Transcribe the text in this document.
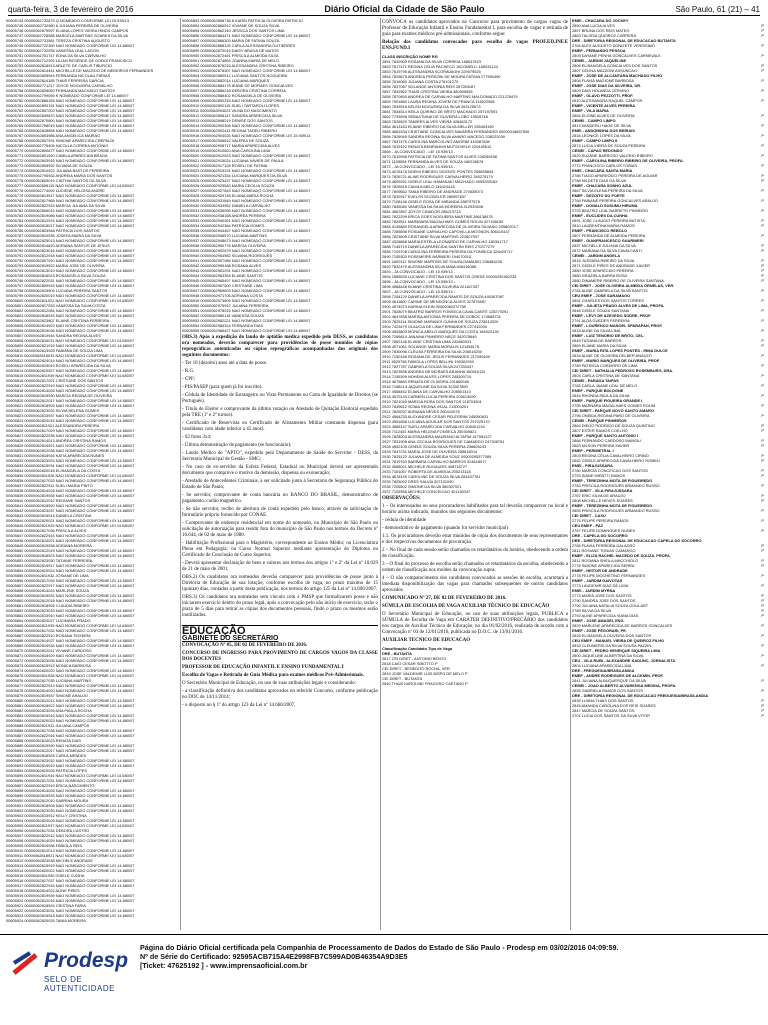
quarta-feira, 3 de fevereiro de 2016	Diário Oficial da Cidade de São Paulo	São Paulo, 61 (21) – 41
00605744 00000062732879 Q NOMEADO CONFORME LEI 15.939/13
00605745 00000062732980 6 JULIANA PEREIRA DE OLIVEIRA
00605746 00000062679597 ELIANA LOPES VIEIRA HINDS CAMPOS
00605747 00000062728988 MARCELA MARTINS SOARES DA SILVA
00605748 00000062731581 TEREZA CRISTINA AUGUSTO
00605749 00000062722350 NAO NOMEADO CONFORME LEI 14.680/07
00605750 00000062732935 VANESSA LEAL LAGON
00605751 00000062751747 EDNA DA SILVA CARVALHO
00605752 00000062712392 LILIAN RESENDE DE GODOI FRANCISCO
00605753 00000062818913 ARLETE DE CARLIS TIBURCIO
00605754 00000062814441 MICHELLE DE MACEDO DE MEDEIROS FERNANDES
00605755 00000062805944 FERNANDA NICOLAU FARIAS
00605756 00000062814185 THAIS FERREIRA GARCIA
00605757 00000062771217 JOYCE NOGUEIRA CARVALHO
00605758 00000062828052 FERNANDA MACHADO SANTOS
00605759 00000062799055 K NOMEADO CONFORME LEI 14.680/07
00605760 00000062886165 NAO NOMEADO CONFORME LEI 14.680/07
00605761 00000062890151 NAO NOMEADO CONFORME LEI 14.680/07
00605762 00000062857002 NAO NOMEADO CONFORME LEI 14.680/07
00605763 00000062849870 NAO NOMEADO CONFORME LEI 14.680/07
00605764 00000062870800 NAO NOMEADO CONFORME LEI 14.680/07
00605765 00000062798015 NAO NOMEADO CONFORME LEI 14.680/07
00605766 00000062818858 NAO NOMEADO CONFORME LEI 14.680/07
00605767 00000062803986 ANA ANGELICA MAIRAO
00605768 00000062807931 SIMONE APARECIDA CREPALDI
00605769 00000062775405 NICOLLA CORREA ANTONIO
00605770 00000062800877 NAO NOMEADO CONFORME LEI 14.680/07
00605771 00000062801920 CAMILA APARECIDA BRAGA
00605772 00000062803916 NAO NOMEADO CONFORME LEI 14.680/07
00605773 00000062805932 SILVANA DE SOUZA
00605774 00000062810922 JULIANA BASTOS FERREIRA
00605775 00000062795932 ANDREIA MARIA DOS SANTOS
00605776 00000062809019 CINTHIA SANTOS DA SILVA
00605777 00000062808115 NAO NOMEADO CONFORME LEI 14.680/07
00605778 00000062774092 LUCIENE HELOISA ANDRE
00605779 00000062813917 NAO NOMEADO CONFORME LEI 14.680/07
00605780 00000062817965 NAO NOMEADO CONFORME LEI 14.680/07
00605781 00000062822915 MARCIA JULIANA DA SILVA
00605782 00000062806014 NAO NOMEADO CONFORME LEI 14.680/07
00605783 00000062819086 NAO NOMEADO CONFORME LEI 14.680/07
00605784 00000062812915 NAO NOMEADO CONFORME LEI 14.680/07
00605785 00000062818017 NAO NOMEADO CONFORME LEI 14.680/07
00605786 00000062803948 PATRICIA DOS SANTOS
00605787 00000062810935 JOSEFA MARIA DA SILVA
00605788 00000062825013 NAO NOMEADO CONFORME LEI 14.680/07
00605789 00000062814810 ADRIANA SANTOS DE JESUS
00605790 00000062823016 NAO NOMEADO CONFORME LEI 14.680/07
00605791 00000062812918 NAO NOMEADO CONFORME LEI 14.680/07
00605792 00000062807910 NAO NOMEADO CONFORME LEI 14.680/07
00605793 00000062819922 MARIA JOSE DE OLIVEIRA
00605794 00000062813019 NAO NOMEADO CONFORME LEI 14.680/07
00605795 00000062816023 ROSANGELA SILVA SOUZA
00605796 00000062822031 NAO NOMEADO CONFORME LEI 14.680/07
00605797 00000062809915 NAO NOMEADO CONFORME LEI 14.680/07
00605798 00000062815904 LUCIANA PEREIRA SANTOS
00605799 00000062820019 NAO NOMEADO CONFORME LEI 14.680/07
00605800 00000062811022 NAO NOMEADO CONFORME LEI 14.680/07
00605801 00000062817933 VANESSA DA SILVA COSTA
00605802 00000062812084 NAO NOMEADO CONFORME LEI 14.680/07
00605803 00000062818915 NAO NOMEADO CONFORME LEI 14.680/07
00605804 00000062823807 ELAINE CRISTINA FERREIRA
00605805 00000062814922 NAO NOMEADO CONFORME LEI 14.680/07
00605806 00000062819036 NAO NOMEADO CONFORME LEI 14.680/07
00605807 00000062810944 SANDRA REGINA ALVES
00605808 00000062816011 NAO NOMEADO CONFORME LEI 14.680/07
00605809 00000062821915 NAO NOMEADO CONFORME LEI 14.680/07
00605810 00000062813928 FABIANA DE SOUZA LIMA
00605811 00000062818033 NAO NOMEADO CONFORME LEI 14.680/07
00605812 00000062824014 NAO NOMEADO CONFORME LEI 14.680/07
00605813 00000062815019 ROSELI APARECIDA DA SILVA
00605814 00000062820927 NAO NOMEADO CONFORME LEI 14.680/07
00605815 00000062811939 NAO NOMEADO CONFORME LEI 14.680/07
00605816 00000062817021 CRISTIANE DOS SANTOS
00605817 00000062822919 NAO NOMEADO CONFORME LEI 14.680/07
00605818 00000062814026 NAO NOMEADO CONFORME LEI 14.680/07
00605819 00000062819930 MARCIA REGINA DE OLIVEIRA
00605820 00000062812017 NAO NOMEADO CONFORME LEI 14.680/07
00605821 00000062818925 NAO NOMEADO CONFORME LEI 14.680/07
00605822 00000062823032 SILVIA HELENA GOMES
00605823 00000062815937 NAO NOMEADO CONFORME LEI 14.680/07
00605824 00000062820015 NAO NOMEADO CONFORME LEI 14.680/07
00605825 00000062811921 ALESSANDRA PEREIRA
00605826 00000062817029 NAO NOMEADO CONFORME LEI 14.680/07
00605827 00000062822936 NAO NOMEADO CONFORME LEI 14.680/07
00605828 00000062814013 ANDREA CRISTINA RAMOS
00605829 00000062819921 NAO NOMEADO CONFORME LEI 14.680/07
00605830 00000062812038 NAO NOMEADO CONFORME LEI 14.680/07
00605831 00000062818916 KATIA APARECIDA NUNES
00605832 00000062823024 NAO NOMEADO CONFORME LEI 14.680/07
00605833 00000062815931 NAO NOMEADO CONFORME LEI 14.680/07
00605834 00000062820018 ELISANGELA DA COSTA
00605835 00000062811926 NAO NOMEADO CONFORME LEI 14.680/07
00605836 00000062817033 NAO NOMEADO CONFORME LEI 14.680/07
00605837 00000062822911 SUELI MARIA PINTO
00605838 00000062814028 NAO NOMEADO CONFORME LEI 14.680/07
00605839 00000062819935 NAO NOMEADO CONFORME LEI 14.680/07
00605840 00000062812012 REGIANE SANTOS
00605841 00000062818920 NAO NOMEADO CONFORME LEI 14.680/07
00605842 00000062823037 NAO NOMEADO CONFORME LEI 14.680/07
00605843 00000062815914 DANIELA CRISTINA
00605844 00000062820021 NAO NOMEADO CONFORME LEI 14.680/07
00605845 00000062811929 NAO NOMEADO CONFORME LEI 14.680/07
00605846 00000062817036 PRISCILA ALVES
00605847 00000062822914 NAO NOMEADO CONFORME LEI 14.680/07
00605848 00000062814021 NAO NOMEADO CONFORME LEI 14.680/07
00605849 00000062819938 ADRIANA MOREIRA
00605850 00000062812015 NAO NOMEADO CONFORME LEI 14.680/07
00605851 00000062818923 NAO NOMEADO CONFORME LEI 14.680/07
00605852 00000062823030 TATIANE FERREIRA
00605853 00000062815917 NAO NOMEADO CONFORME LEI 14.680/07
00605854 00000062820024 NAO NOMEADO CONFORME LEI 14.680/07
00605855 00000062811932 JOSIANE DE LIMA
00605856 00000062817039 NAO NOMEADO CONFORME LEI 14.680/07
00605857 00000062822917 NAO NOMEADO CONFORME LEI 14.680/07
00605858 00000062814024 MARLENE SOUZA
00605859 00000062819931 NAO NOMEADO CONFORME LEI 14.680/07
00605860 00000062812018 NAO NOMEADO CONFORME LEI 14.680/07
00605861 00000062818926 CLAUDIA RIBEIRO
00605862 00000062823033 NAO NOMEADO CONFORME LEI 14.680/07
00605863 00000062815910 NAO NOMEADO CONFORME LEI 14.680/07
00605864 00000062820027 LUCIMARA PRADO
00605865 00000062811935 NAO NOMEADO CONFORME LEI 14.680/07
00605866 00000062817032 NAO NOMEADO CONFORME LEI 14.680/07
00605867 00000062822910 ROSANA TEIXEIRA
00605868 00000062814027 NAO NOMEADO CONFORME LEI 14.680/07
00605869 00000062819934 NAO NOMEADO CONFORME LEI 14.680/07
00605870 00000062812011 VIVIANE CARDOSO
00605871 00000062818929 NAO NOMEADO CONFORME LEI 14.680/07
00605872 00000062823036 NAO NOMEADO CONFORME LEI 14.680/07
00605873 00000062815913 MONICA BARBOSA
00605874 00000062820020 NAO NOMEADO CONFORME LEI 14.680/07
00605875 00000062811928 NAO NOMEADO CONFORME LEI 14.680/07
00605876 00000062817035 LUCIANA MARTINS
00605877 00000062822913 NAO NOMEADO CONFORME LEI 14.680/07
00605878 00000062814020 NAO NOMEADO CONFORME LEI 14.680/07
00605879 00000062819937 SIMONE ARAUJO
00605880 00000062812014 NAO NOMEADO CONFORME LEI 14.680/07
00605881 00000062818922 NAO NOMEADO CONFORME LEI 14.680/07
00605882 00000062823039 ANA PAULA ROCHA
00605883 00000062815916 NAO NOMEADO CONFORME LEI 14.680/07
00605884 00000062820023 NAO NOMEADO CONFORME LEI 14.680/07
00605885 00000062811931 JULIANA CAMPOS
00605886 00000062817038 NAO NOMEADO CONFORME LEI 14.680/07
00605887 00000062822916 NAO NOMEADO CONFORME LEI 14.680/07
00605888 00000062814023 RENATA DIAS
00605889 00000062819930 NAO NOMEADO CONFORME LEI 14.680/07
00605890 00000062812017 NAO NOMEADO CONFORME LEI 14.680/07
00605891 00000062818925 CARLA MENDES
00605892 00000062823032 NAO NOMEADO CONFORME LEI 14.680/07
00605893 00000062815919 NAO NOMEADO CONFORME LEI 14.680/07
00605894 00000062820026 PATRICIA LOPES
00605895 00000062811934 NAO NOMEADO CONFORME LEI 14.680/07
00605896 00000062817031 NAO NOMEADO CONFORME LEI 14.680/07
00605897 00000062822919 ERICA NASCIMENTO
00605898 00000062814026 NAO NOMEADO CONFORME LEI 14.680/07
00605899 00000062819933 NAO NOMEADO CONFORME LEI 14.680/07
00605900 00000062812010 SABRINA MOURA
00605901 00000062818928 NAO NOMEADO CONFORME LEI 14.680/07
00605902 00000062823035 NAO NOMEADO CONFORME LEI 14.680/07
00605903 00000062815912 KELLY CRISTINA
00605904 00000062820029 NAO NOMEADO CONFORME LEI 14.680/07
00605905 00000062811937 NAO NOMEADO CONFORME LEI 14.680/07
00605906 00000062817034 DEBORA CASTRO
00605907 00000062822912 NAO NOMEADO CONFORME LEI 14.680/07
00605908 00000062814029 NAO NOMEADO CONFORME LEI 14.680/07
00605909 00000062819936 FABIOLA REIS
00605910 00000062812013 NAO NOMEADO CONFORME LEI 14.680/07
00605911 00000062818921 NAO NOMEADO CONFORME LEI 14.680/07
00605912 00000062823038 MICHELE ANDRADE
00605913 00000062815915 NAO NOMEADO CONFORME LEI 14.680/07
00605914 00000062820022 NAO NOMEADO CONFORME LEI 14.680/07
00605915 00000062811930 GISELE CUNHA
00605916 00000062817037 NAO NOMEADO CONFORME LEI 14.680/07
00605917 00000062822915 NAO NOMEADO CONFORME LEI 14.680/07
00605918 00000062814022 ALINE PIRES
00605919 00000062819939 NAO NOMEADO CONFORME LEI 14.680/07
00605920 00000062812016 NAO NOMEADO CONFORME LEI 14.680/07
00605921 00000062818924 CRISTINA FARIA
00605922 00000062823031 NAO NOMEADO CONFORME LEI 14.680/07
00605923 00000062815918 NAO NOMEADO CONFORME LEI 14.680/07
00605924 00000062820025 TANIA MOREIRA
00605893 00000062858736 8 KARIN PATRICIA OLIVEIRA PATRICIO
00605894 00000062860512 VIVIANE DE SOUZA SILVA
00605895 00000062862140 JESSICA DOS SANTOS LIMA
00605896 00000062864471 NAO NOMEADO CONFORME LEI 14.680/07
00605897 00000062866303 MARIA DE FATIMA SOUZA
00605898 00000062868125 CARLA ALESSANDRA GUTIERRES
00605899 00000062870019 DAISY BRAGA DE MATOS
00605900 00000062872451 PRISCILA ALMEIDA SILVA
00605901 00000062874893 JOANNA MARIA DE MELO
00605902 00000062876215 ALESSANDRA CRISTINA RIBEIRO
00605903 00000062878307 NAO NOMEADO CONFORME LEI 14.680/07
00605904 00000062880512 LUCIANA SANTOS NOGUEIRA
00605905 00000062882014 LUCIANA MARQUES
00605906 00000062884176 IEANE DE MORAES GONCALVES
00605907 00000062886218 DEBORA CRISTINA CORREIA
00605908 00000062888402 ROSANGELA DE OLIVEIRA
00605909 00000062890315 NAO NOMEADO CONFORME LEI 14.680/07
00605910 00000062892115 SUELI TARTAROLI LOPES
00605911 00000062894023 VILMA DO NASCIMENTO
00605912 00000062896147 SANDRA APARECIDA SILVA
00605913 00000062898219 DENISE DOS SANTOS
00605914 00000062900308 NAO NOMEADO CONFORME LEI 14.680/07
00605915 00000062902411 REGINA TADEU RIBEIRO
00605916 00000062904525 NAO NOMEADO CONFORME LEI 15.939/13
00605917 00000062906612 VALERIA DE SOUZA
00605918 00000062908717 MARIA APARECIDA ALVES
00605919 00000062910820 ANA CAROLINA LIMA
00605920 00000062912923 NAO NOMEADO CONFORME LEI 14.680/07
00605921 00000062915024 LUCIANA XAVIER DE PAULA
00605922 00000062917128 ROSELI DE FATIMA
00605923 00000062919231 NAO NOMEADO CONFORME LEI 14.680/07
00605924 00000062921334 LUCIANA MARQUES DA SILVA
00605925 00000062923437 NAO NOMEADO CONFORME LEI 14.680/07
00605926 00000062925540 MARIA CECILIA SOUZA
00605927 00000062927643 NAO NOMEADO CONFORME LEI 14.680/07
00605928 00000062929746 ELIANA MARIA ROCHA
00605929 00000062931849 NAO NOMEADO CONFORME LEI 14.680/07
00605930 00000062933952 DANIELA CARVALHO
00605931 00000062936055 NAO NOMEADO CONFORME LEI 14.680/07
00605932 00000062938158 ANDREA PEREIRA
00605933 00000062940261 NAO NOMEADO CONFORME LEI 14.680/07
00605934 00000062942364 PATRICIA GOMES
00605935 00000062944467 NAO NOMEADO CONFORME LEI 14.680/07
00605936 00000062946570 LUCIANA MARTINS
00605937 00000062948673 NAO NOMEADO CONFORME LEI 14.680/07
00605938 00000062950776 MARCIA OLIVEIRA
00605939 00000062952879 NAO NOMEADO CONFORME LEI 14.680/07
00605940 00000062954982 SILVANA RODRIGUES
00605941 00000062957085 NAO NOMEADO CONFORME LEI 14.680/07
00605942 00000062959188 ROSANA ALVES
00605943 00000062961291 NAO NOMEADO CONFORME LEI 14.680/07
00605944 00000062963394 ELAINE SANTOS
00605945 00000062965497 NAO NOMEADO CONFORME LEI 14.680/07
00605946 00000062967500 CRISTIANE LIMA
00605947 00000062969603 NAO NOMEADO CONFORME LEI 14.680/07
00605948 00000062971706 ADRIANA COSTA
00605949 00000062973809 NAO NOMEADO CONFORME LEI 14.680/07
00605950 00000062975912 JULIANA FERREIRA
00605951 00000062978015 NAO NOMEADO CONFORME LEI 14.680/07
00605952 00000062980118 VANESSA SOUZA
00605953 00000062982221 NAO NOMEADO CONFORME LEI 14.680/07
00605954 00000062984324 FERNANDA DIAS
00605955 00000062986427 NAO NOMEADO CONFORME LEI 14.680/07
OBS.3) Após a expedição do laudo de aptidão médica expedido pelo DESS, os candidatos ora nomeados, deverão comparecer para providências de posse munidos de cópias reprográficas autenticadas ou cópias reprográficas acompanhadas dos originais dos seguintes documentos:
- Ter 18 (dezoito) anos até a data de posse.
- R.G.
- CPF;
- PIS/PASEP (para quem já foi inscrito).
- Cédula de Identidade de Estrangeiro ou Visto Permanente ou Carta de Igualdade de Direitos (se Português).
- Título de Eleitor e comprovante da última votação ou Atestado de Quitação Eleitoral expedido pela TRE (1º e 2º turnos).
- Certificado de Reservista ou Certificado de Alistamento Militar constando dispensa (para candidatos com idade inferior a 45 anos).
- 02 fotos 3x4;
- Última demonstração de pagamento (se funcionário);
- Laudo Médico de "APTO", expedido pelo Departamento de Saúde do Servidor - DESS, da Secretaria Municipal de Gestão - SMG;
- No caso de ex-servidor da Esfera Federal, Estadual ou Municipal deverá ser apresentado documento que comprove o motivo da demissão, dispensa ou exoneração;
- Atestado de Antecedentes Criminais, a ser solicitado junto à Secretaria de Segurança Pública do Estado de São Paulo;
- Se servidor, comprovante de conta bancária no BANCO DO BRASIL, demonstrativo de pagamento, cartão magnético.
- Se não servidor, recibo de abertura de conta expedido pelo banco, através de solicitação de formulário próprio fornecido por CONAE.
- Comprovante de endereço residencial em nome do nomeado, ou Município de São Paulo ou solicitação de autorização para residir fora do município de São Paulo nos termos do Decreto nº 16.644, de 02 de maio de 1980.
- Habilitação Profissional para o Magistério, correspondente ao Ensino Médio; ou Licenciatura Plena em Pedagogia; ou Curso Normal Superior mediante apresentação do Diploma ou Certificado de Conclusão de Curso Superior.
- Deverá apresentar declaração de bens e valores nos termos dos artigos 1º e 2º da Lei nº 10.029 de 21 de maio de 2001.
OBS.2) Os candidatos ora nomeados deverão comparecer para providências de posse junto à Diretoria de Educação de sua lotação, conforme escolha de vaga, no prazo máximo de 15 (quinze) dias, contados a partir desta publicação, nos termos do artigo 125 da Lei nº 14.660/2007.
OBS.3) Os candidatos ora nomeados sem vínculo com a PMSP que formalizarem posse e não iniciarem exercício dentro do prazo legal, após a convocação pelo não início de exercício, terão o prazo de 5 dias para retirar as cópias dos documentos pessoais, findo o prazo os mesmos serão inutilizados.
EDUCAÇÃO
GABINETE DO SECRETÁRIO
CONVOCAÇÃO Nº 05, DE 02 DE FEVEREIRO DE 2016.
CONCURSO DE INGRESSO PARA PROVIMENTO DE CARGOS VAGOS DA CLASSE DOS DOCENTES
PROFESSOR DE EDUCAÇÃO INFANTIL E ENSINO FUNDAMENTAL I
Escolha de Vagas e Retirada de Guia Médica para exames médicos Pré-Admissionais.
O Secretário Municipal de Educação, no uso de suas atribuições legais e considerando:
- a classificação definitiva dos candidatos aprovados no referido Concurso, conforme publicação no DOC de 14/11/2014;
- o disposto no § 1º do artigo 123 da Lei nº 14.660/2007,
CONVOCA os candidatos aprovados no Concurso para provimento de cargos vagos de Professor de Educação Infantil e Ensino Fundamental I, para escolha de vagas e retirada de guia para exames médicos pré-admissionais, conforme segue:
Relação dos candidatos convocados para escolha de vagas PROF.ED.INF.E ENS.FUND.I
CLASS INSCRIÇÃO NOME RG
2851 7832905 ROSANA DA SILVA CORREIA 188637823
2852 7817471 REGINA CELIA PACHECO JACOMELLI 168031124
2853 7819795 ALESSANDRA SCORAVAGHI 229079525
2854 7825675 ANDREIA PERSONI DE MOURA FATIMA 277590490
2855 7816060 JULIANA COSTA 276101270
2856 7837087 SOLANGE ANTONIA REIS 287263187
2857 7832962 THAIS CRISTINA VIEIRA 480905955
2858 7870893 ANDREA DE CARVALHO MARTINS MALDONADO 221278479
2859 7901860 LAURA REGINA JOVEM DE FRANCA 118922556
2860 7839916 KELEN NOGUEIRA DA SILVA 263125673
2861 7834514 KEILA QUIRINO DE BRITO MACHADO 257197591
2862 7793598 SEBASTIANA DE OLIVEIRA LOBO 19505748
2863 7826529 TAMIRES ALVES VIEIRA 428463172
2864 4613183 ELIANE RIBEIRO DA SILVA MELLER 255403150
2865 4661534 CRISTIANE GONCALVES NAVARRA FERNANDES 00000318657506
2866 7826949 SANDRA REGINA SILVA AMARO MACEDO 338222039
2867 7837479 CAROLINA MARCOLINO AMORIM 415087838
2868 7819192 RENATA BENRAHIMI MUTSCHELE 220445512
2869 - JA CONVOCADO - LEI 15.939/13 -
2870 7819998 PATRICIA DE FATIMA SANTOS ALVES 228280498
2871 1105554 FERNANDA ALVES DE SOUZA 180226578
2872 - JA CONVOCADO - LEI 15.939/13 -
2873 4076476 NOEMI RIBEIRO VICENTE PONTES 208695844
2874 7826721 ALINE RODRIGUES CARVALHEIRO 345275175
2875 4609251 GISELE LEAL HAMASAKI MACHADO 009533016X
2876 7826515 CAMILA MELO 116424416
2877 7809652 TANIA RIBEIRO DE ANDRADE 270535073
2878 7832917 EVELYN SCODELER 280597837
2879 7108146 GISELE ROSA DE MIRANDA 288797578
2880 7845080 VANESSA DA SILVA MOREIRA 412939408
2881 4567857 JOYCE CINADOR 285213713
2882 7822299 ERICA GOES NOGUEIRA MARTINS 366138476
2883 7825511 MARIMARA MAGALHAES GOMES ROLIM 427198159
2884 4135880 ROSANGELA APARECIDA DE OLIVEIRA SILVANO 205802017
2885 7285698 ROSIANE CARVALHO CAPOVILLA MOGNON 306410437
2886 7823605 CRISTIANE SILVA MARTINS 222607937
2887 4326868 MARIA ESTELA LEONARDO DE CARVALHO 180341717
2888 7146719 DANIELA APARECIDA SANTINI REIS 270377279
2889 7109708 CAROLINA FERREIRA PEREIRA DA FONSECA 326420717
2890 7155303 ROSEMEIRE BARBIERI 194070015
2891 1600112 SIMONE MARTINS DE SOUZA DAMASIO 208483238
2892 7832479 ALESSANDRA SILVA MAIA 406416088
2893 - JA CONVOCADO - LEI 15.939/13 -
2894 1855530 LUCIANE CRISTINA DOS SANTOS CREDE 00000292462235
2895 - JA CONVOCADO - LEI 15.939/13 -
2896 4568448 ELIANE CRISTINA SILVEIRA 221167437
2897 - JA CONVOCADO - LEI 15.939/13 -
2898 7154120 DANIELA APARECIDA RAMOS DE SOUZA 440367087
2899 4611800 CARINE DE MENDONCA ALVES 327876557
2900 4574973 KARINA KLEIN 00000060272759
2901 7828079 BEATRIZ BARROS FONSECA CAVALCANTE 125279291
2902 4647838 MARISA ANTONIA PEREIRA DE DOBOC 174688731
2903 7825114 SIMONE MARANGI CUNHA DE SOUZA 278514320
2904 7423479 GLAUCIA DE LIMA FERNANDES 227412000
2905 4593800 MONICA ABELO MARQUES DA COSTA 184024139
2906 7265814 JANAINA PINHEIRO NECE 342075649
2907 7852146 ELIANE CRISTINA LIMA 232860031
2908 4571061 SOLANGE MARIA MORALIS 121458175
2909 7830096 CLEUSA FERREIRA DA SILVA 206015200
2910 7150168 ROSANA DE JESUS FERNANDES 217090400
2911 4529758 FABIOLA LOPES BELLINI 190302930
2912 7827787 GABRIELA SOUZA SILVA 247330437
2913 7823596 ANDREA DE MORAES ARANHA 180510110
2914 7155309 NOHEMI ALVES LOPES 245300710
2915 4675883 RENATA DE OLIVEIRA 231660048
2916 7168214 JAQUELINE DA SILVA 323007890
2917 4568452 ELIANA DE CARVALHO 208501410
2918 4570134 CARMEN LUCIA PEREIRA 204613090
2919 7821045 MARCIA ROSA DOS SANTOS 218704501
2920 7839612 SONIA REGINA VIDAL 213003201
2921 7825037 ADRIANA NEVES 260410078
2922 4564233 ALEXANDRE CESAR PELEGRINI 245050631
2923 4551658 LUCIANA AGUILAR DOS SANTOS 257025170
2924 4566147 SUELI APARECIDA CARVALHO 208401234
2925 7112451 MARIA HELENA FONSECA 250309821
2926 7828003 ALESSANDRA MAURANO ALTAFIM 417081127
2927 7831908 ANA CECILIA RODRIGUES DE CAMARGO 247308751
2928 4552105 GISELE SOUZA SILVA PEREIRA 236605243
2929 7847231 MARIA JOSE DE OLIVEIRA 208618014
2930 7825122 JULIANA DE ALMEIDA SOUZ 00000295377089
2931 7819763 BARBARA CARVALHO BARROS 324618017
2932 4568021 MICHELE RUGAUIES 408718727
2933 7161057 ROBERTA DE ALMEIDA 205213118
2934 4676149 CAROLINE DE SOUZA SILVA 284437781
2935 7825092 DRES SALVIA 307131090
2936 7205502 SIMONE DA SILVA 380307021
2937 7105958 MICHELE CONCEICAO 401130047
OBSERVAÇÕES:
1 – Os interessados ou seus procuradores habilitados para tal deverão comparecer no local e horário acima indicado, munidos dos seguintes documentos:
- cédula de identidade
- demonstrativo de pagamento (quando for servidor municipal)
1.1. Os procuradores deverão estar munidos de cópia dos documentos de seus representantes e dos respectivos documentos de procuração.
2 – No final de cada sessão serão chamados os retardatários do horário, obedecendo a ordem de classificação.
3 – O final do processo de escolha serão chamados os retardatários da escolha, obedecendo a ordem de classificação nos moldes da convocação supra.
4 – O não comparecimento dos candidatos convocados as sessões de escolha, acarretará a imediata disponibilização das vagas para chamados subsequentes de outros candidatos aprovados.
COMUNICADO Nº 27, DE 02 DE FEVEREIRO DE 2016.
SÚMULA DE ESCOLHA DE VAGA AUXILIAR TÉCNICO DE EDUCAÇÃO
O Secretário Municipal de Educação, no uso de suas atribuições legais, PUBLICA a SÚMULA de Escolha de Vaga em CARÁTER DEFINITIVO/PRECÁRIO dos candidatos nos cargos de Auxiliar Técnico de Educação, no dia 01/02/2016, realizada de acordo com a Convocação nº 03 de 12/01/2016, publicada no D.O.C. de 13/01/2016.
AUXILIAR TECNICO DE EDUCACAO
Classificação Candidato Tipo de Vaga
DRE - BUTANTA
2817 CEI DIRET - ANTONIO BENTO
2818 CAIO CESAR SIBOTTO P
CEI DIRET - BENEDITO ROCHA, VER.
2819 JOSE VALDEMIR LUIS BISPO DE MELO P
CEI DIRET - BUTANTA
2840 THAIS KAROLINE FRAGOSO CAETANO P
EMEI - CHACARA DO JOCKEY
2850 ANA LUCIA ALVES	P
2857 BRUNA DOS REIS MATEO	P
2863 TALISSA QUEIROZ CARRERA	P
DRE - DIRETORIA REGIONAL DE EDUCACAO BUTANTA
2764 ALEX AUGUSTO DONIZETE VERISSIMO	P
EMEF - FERNANDO PESSOA
2805 DAYANE PENHA GONCALVES CARNEVALE	P
CEMEI - JARDIM JAQUELINE
2806 ELISANGELA GONCALVES DOS SANTOS	P
2807 CELINA MAZZONI ASSUNCAO	P
EMEF - JOSE DE ALCANTARA MACHADO FILHO
2808 FLAVIA MAGIONE BARBOSA	P
EMEF - JOSE DIAS DA SILVEIRA, DR.
2809 DAIS HOLANDA CERVINO	P
EMEF - OLAVO PEZZOTTI, PROF.
2810 ALESSANDRA RAQUEL CAMPOS	P
EMEF - VICENTE ALVES PEREIRA
EMEF - VILA MARIA
2864 ELIONE ALVES DE OLIVEIRA	P
CEMEI - CAMPO LIMPO
2813 VANDERLI HAGE DE SILVA	P
EMEI - ANDORINHA DOS BEIRAIS
2816 LEONICE LOPES DA SILVA	P
EMEF - CAMPO LIMPO II
2874 LUCIA VIEIRA DE SOUZA PEREIRA	P
CEMEI - CAPAO REDONDO
2820 SUZANE BARROSO VALERIO RIBEIRO	P
EMEF - CAROLINA RIBEIRO RIBEIRO DE OLIVEIRA, PROFA.
2772 FRANCISCO CARLOS TOBIAS	P
EMEI - CHACARA SANTA MARIA
2786 TIAGO APARECIDO PEREIRA DE AGUIAR	P
2788 NILDETE DIAS DA SILVA	P
EMEF - CHACARA SONHO AZUL
2867 SILVIA ELENA PEREIRA DA SILVA	P
EMEF - DEZOITO DO FORTE
2769 FABIANE PEREIRA GONCALVES ARAUJO	P
EMEF - DONALD SUSUMU HIRUMA
2793 BEATRIZ LEAL BARRETO PINHEIRO	P
EMEF - EUCLIDES DA CUNHA
2891 JOSE CLAUDIO PEREIRA BATISTA	P
2810 LAURENTINA MARIA RAMOS	P
EMEF - FRANCISCO REBOLO
2807 FERNANDA DE ALMEIDA PEREIRA	P
EMEF - GIANFRANCESCO GUARNIERI
2897 MICHELLE JULIANA DA SILVA	P
2872 MARIANA DA SILVA CAVALCANTI	P
CEMEI - JARDIM ANGELA
2815 JUSSARA RIBEIRO DA SILVA	P
2871 GISELE PIRES DE ANDRADE XAVIER	P
2880 JOSE APARECIDO PEREIRA	P
2880 GRAZIELA BARRA ROSA	P
2880 DINAMERE RIBEIRO DE OLIVEIRA SANTANA	P
CEI DIRET - JOSE OLIVEIRA ALMEIDA ORNELAS, VER.
2784 ALINE GABRIELA DA SILVA SANTOS	P
CEU EMEF - JOSE SARAMAGO
2891 CHARLES DOS SANTOS TORRES	P
EMEF - JULIETA PRADO ALVES DE LIMA, PROFA.
2848 GISELE SOUZA SANTANA	P
EMEF - LEVY DE AZEVEDO SODRE, PROF.
2791 ALDA GUEDES FERREIRA	P
EMEF - LOURENCO MANOEL SPARAPAN, PROF.
2818 ALINE DA SILVA LIMA	P
EMEF - LUIZ TENORIO DE BRITO, CEL.
2849 TATIANA DE BARROS	P
2869 ELIANE MARIA DA SILVA	P
EMEF - MARIA RITA LOPES PONTES - IRMA DULCE
2834 ALINE DE OLIVEIRA DELBER ANAUZO	P
EMEF - MARIO MARQUES DE OLIVEIRA, PROF.
2789 PATRICIA CORDEIRO DE LIMA	P
CEI DIRET - NATHALIA PEDROSO ROSEMBURG, DRA.
2804 CARLA CRISTINA DE SANTANA	P
CEMEI - PARADA TAIPAS
2765 CARLA JAANE LEAL DE MELO	P
EMEF - PARQUE BOLOGNE
2844 RHONDA PAULA DA SILVA	P
EMEF - PARQUE FIGUEIRA GRANDE I
2795 MARNARA MAGALHAES GOMES ROLIM	P
CEI DIRET - PARQUE NOVO SANTO AMARO
2796 ONEIDA REGINA PARO DE OLIVEIRA	P
CEMEI - PARQUE PINHEIROS
2864 DIEGO RODRIGO DE SOUZA QUINTINO	P
2807 ESTER RAMOS COELHO	P
EMEF - PARQUE SANTO ANTONIO I
2868 FERNANDO CARDOSO MANGILI	P
2863 NILSON PEREIRA XAVIER	P
EMEF - PERIMETRAL I
2803 REGINA CELIA CAVALHEIRO CIRINO	P
2862 GISELE APARECIDA CAVALHEIRO ROMEU	P
EMEI - PIRAJUSSARA
2780 MARCIA CONCEICAO DOS SANTOS	P
2793 SIANE MIRATTI RAMOS	P
EMEF - TEREZINHA MOTA DE FIGUEIREDO
2783 PRISCILA RODRIGUES ARMANDO RUSSO	P
CEI DIRET - VILA PIRAJUSSARA
2767 ERIC SILVA DE ARAUJO	P
2808 MICHELLE NEVES SOARES	P
EMEF - TEREZINHA MOTA DE FIGUEIREDO
2859 PRISCILA RODRIGUES ARMANDO RUSSO	P
CEI DIRET - CAXU
2776 FELIPE PEREIRA RAMOS	P
CEU EMEF - PAZ
2787 FELIPE DOMINGUES NUNES	P
DRE - CAPELA DO SOCORRO
DRE - DIRETORIA REGIONAL DE EDUCACAO CAPELA DO SOCORRO
2766 FLAVIA FERREIRA GALADRO	P
2811 ROSIANE TONIAS CAMARGO	P
EMEF - ELIZA RACHEL MACEDO DE SOUZA, PROFA.
2811 ROSIANA SHEILA MACCHIOLO	P
2778 SIMONE APARECIDA SERRA	P
EMEF - HEITOR DE ANDRADE
2778 FELIPE MOCHETINO FERNANDES	P
EMEF - JARDIM GAIVOTAS
2773 LAUDENIR DIAS DE LIMA	P
EMEI - JARDIM MYRNA
2773 MARIA JOSE DOS SANTOS	P
2790 SANDRA JOSE DOS SANTOS	P
2790 JULIANA NATALIA SOUZA GOULART	P
2789 SILVIA DA SILVA	P
2792 ALINE APARECIDA VIANA DIAS	P
EMEF - JOSE AMADEI, ENG.
2829 MARLENE APARECIDA DE BARROS GONCALVES	P
EMEF - JOSE PEGORARI, PE.
2826 ELISANGELA OLIVEIRA DOS SANTOS	P
CEU EMEF - MANUEL VIEIRA DE QUEIROZ FILHO
2833 CLEUMERIS DA SILVA SOUSA PAZZIN	P
CEI DIRET - PEDRO HENRIQUE SIQUEIRA LIMA
2800 JAQUELINE ALBERTINA DA SILVA	P
CEU - VILA RUBI - ALEXANDRE KADUNC, JORNALISTA
2804 LUCIANA APARECIDA LIMA	P
DRE - FREGUESIA/BRASILANDIA
EMEF - ANDRE RODRIGUES DE ALCKMIN, PROF.
2841 JULIANA ALBUQUERQUE DA SILVA	P
CEMEI - JOAO ALBERTO ALVARENGA MEDINA, PROFA.
2855 GABRIELA RAMOS DOS SANTOS	P
DRE - DIRETORIA REGIONAL DE EDUCACAO FREGUESIA/BRASILANDIA
2839 LUANA THAIS DOS SANTOS	P
2845 AMANDA CAROLINA DOS REIS SOARES	P
2847 MARCIA DE SOUZA SANTOS	P
2701 LUCIA DOS SANTOS DA SILVA VITOR	P
Prodesp
SELO DE AUTENTICIDADE
Página do Diário Oficial certificada pela Companhia de Processamento de Dados do Estado de São Paulo - Prodesp em 03/02/2016 04:09:59.
Nº de Série do Certificado: 92595ACB715A4E2998FB7C599AD0B46354A9D3E5
[Ticket: 47625192 ] - www.imprensaoficial.com.br
